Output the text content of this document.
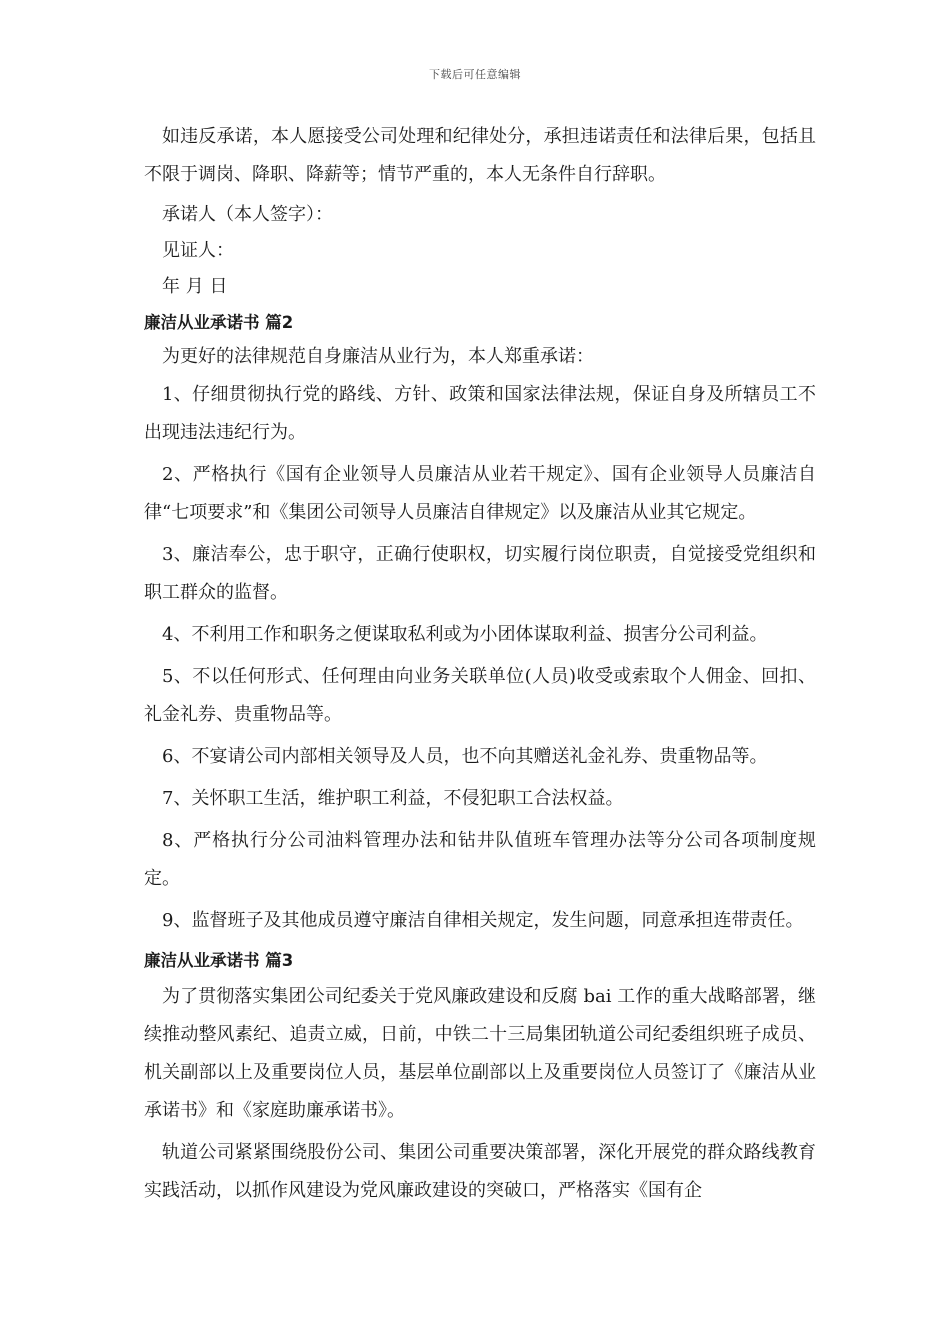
下载后可任意编辑

如违反承诺，本人愿接受公司处理和纪律处分，承担违诺责任和法律后果，包括且不限于调岗、降职、降薪等；情节严重的，本人无条件自行辞职。

承诺人（本人签字）：

见证人：

年 月 日

廉洁从业承诺书 篇2

为更好的法律规范自身廉洁从业行为，本人郑重承诺：

1、仔细贯彻执行党的路线、方针、政策和国家法律法规，保证自身及所辖员工不出现违法违纪行为。

2、严格执行《国有企业领导人员廉洁从业若干规定》、国有企业领导人员廉洁自律“七项要求”和《集团公司领导人员廉洁自律规定》以及廉洁从业其它规定。

3、廉洁奉公，忠于职守，正确行使职权，切实履行岗位职责，自觉接受党组织和职工群众的监督。

4、不利用工作和职务之便谋取私利或为小团体谋取利益、损害分公司利益。

5、不以任何形式、任何理由向业务关联单位(人员)收受或索取个人佣金、回扣、礼金礼券、贵重物品等。

6、不宴请公司内部相关领导及人员，也不向其赠送礼金礼券、贵重物品等。

7、关怀职工生活，维护职工利益，不侵犯职工合法权益。

8、严格执行分公司油料管理办法和钻井队值班车管理办法等分公司各项制度规定。

9、监督班子及其他成员遵守廉洁自律相关规定，发生问题，同意承担连带责任。

廉洁从业承诺书 篇3

为了贯彻落实集团公司纪委关于党风廉政建设和反腐 bai 工作的重大战略部署，继续推动整风素纪、追责立威，日前，中铁二十三局集团轨道公司纪委组织班子成员、机关副部以上及重要岗位人员，基层单位副部以上及重要岗位人员签订了《廉洁从业承诺书》和《家庭助廉承诺书》。

轨道公司紧紧围绕股份公司、集团公司重要决策部署，深化开展党的群众路线教育实践活动，以抓作风建设为党风廉政建设的突破口，严格落实《国有企
